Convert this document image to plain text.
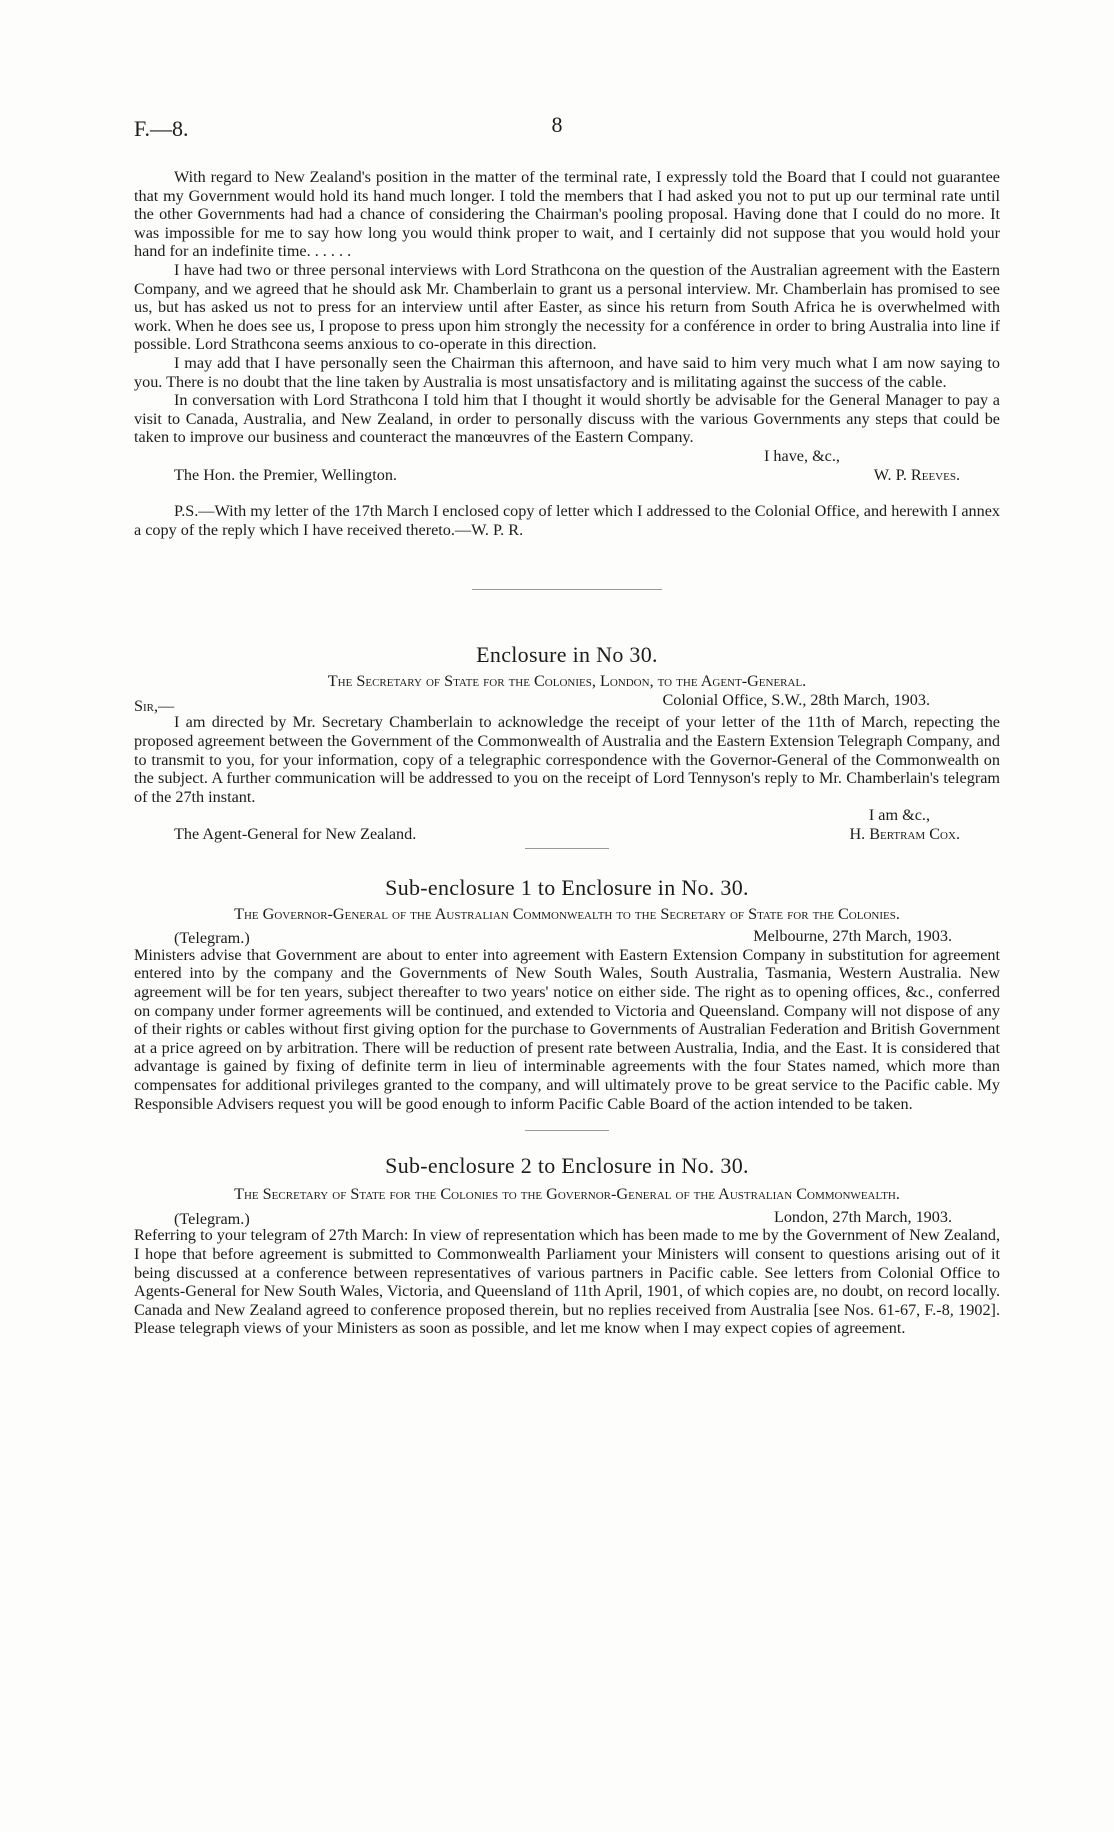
F.—8.	8

With regard to New Zealand's position in the matter of the terminal rate, I expressly told the Board that I could not guarantee that my Government would hold its hand much longer. I told the members that I had asked you not to put up our terminal rate until the other Governments had had a chance of considering the Chairman's pooling proposal. Having done that I could do no more. It was impossible for me to say how long you would think proper to wait, and I certainly did not suppose that you would hold your hand for an indefinite time. . . . . .

I have had two or three personal interviews with Lord Strathcona on the question of the Australian agreement with the Eastern Company, and we agreed that he should ask Mr. Chamberlain to grant us a personal interview. Mr. Chamberlain has promised to see us, but has asked us not to press for an interview until after Easter, as since his return from South Africa he is overwhelmed with work. When he does see us, I propose to press upon him strongly the necessity for a conférence in order to bring Australia into line if possible. Lord Strathcona seems anxious to co-operate in this direction.

I may add that I have personally seen the Chairman this afternoon, and have said to him very much what I am now saying to you. There is no doubt that the line taken by Australia is most unsatisfactory and is militating against the success of the cable.

In conversation with Lord Strathcona I told him that I thought it would shortly be advisable for the General Manager to pay a visit to Canada, Australia, and New Zealand, in order to personally discuss with the various Governments any steps that could be taken to improve our business and counteract the manœuvres of the Eastern Company.

I have, &c.,
The Hon. the Premier, Wellington.	W. P. Reeves.

P.S.—With my letter of the 17th March I enclosed copy of letter which I addressed to the Colonial Office, and herewith I annex a copy of the reply which I have received thereto.—W. P. R.

Enclosure in No 30.
The Secretary of State for the Colonies, London, to the Agent-General.
Sir,—	Colonial Office, S.W., 28th March, 1903.

I am directed by Mr. Secretary Chamberlain to acknowledge the receipt of your letter of the 11th of March, repecting the proposed agreement between the Government of the Commonwealth of Australia and the Eastern Extension Telegraph Company, and to transmit to you, for your information, copy of a telegraphic correspondence with the Governor-General of the Commonwealth on the subject. A further communication will be addressed to you on the receipt of Lord Tennyson's reply to Mr. Chamberlain's telegram of the 27th instant.

I am &c.,
The Agent-General for New Zealand.	H. Bertram Cox.
Sub-enclosure 1 to Enclosure in No. 30.
The Governor-General of the Australian Commonwealth to the Secretary of State for the Colonies.
(Telegram.)	Melbourne, 27th March, 1903.

Ministers advise that Government are about to enter into agreement with Eastern Extension Company in substitution for agreement entered into by the company and the Governments of New South Wales, South Australia, Tasmania, Western Australia. New agreement will be for ten years, subject thereafter to two years' notice on either side. The right as to opening offices, &c., conferred on company under former agreements will be continued, and extended to Victoria and Queensland. Company will not dispose of any of their rights or cables without first giving option for the purchase to Governments of Australian Federation and British Government at a price agreed on by arbitration. There will be reduction of present rate between Australia, India, and the East. It is considered that advantage is gained by fixing of definite term in lieu of interminable agreements with the four States named, which more than compensates for additional privileges granted to the company, and will ultimately prove to be great service to the Pacific cable. My Responsible Advisers request you will be good enough to inform Pacific Cable Board of the action intended to be taken.

Sub-enclosure 2 to Enclosure in No. 30.
The Secretary of State for the Colonies to the Governor-General of the Australian Commonwealth.
(Telegram.)	London, 27th March, 1903.

Referring to your telegram of 27th March: In view of representation which has been made to me by the Government of New Zealand, I hope that before agreement is submitted to Commonwealth Parliament your Ministers will consent to questions arising out of it being discussed at a conference between representatives of various partners in Pacific cable. See letters from Colonial Office to Agents-General for New South Wales, Victoria, and Queensland of 11th April, 1901, of which copies are, no doubt, on record locally. Canada and New Zealand agreed to conference proposed therein, but no replies received from Australia [see Nos. 61-67, F.-8, 1902]. Please telegraph views of your Ministers as soon as possible, and let me know when I may expect copies of agreement.
